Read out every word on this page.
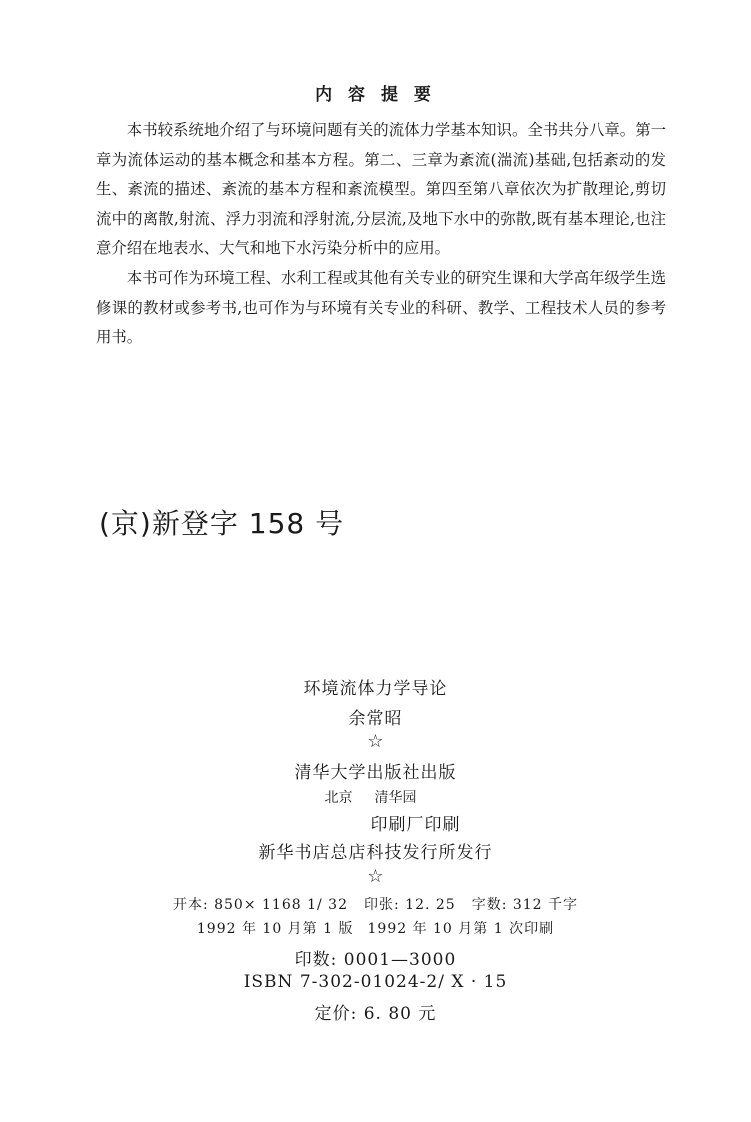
内 容 提 要

本书较系统地介绍了与环境问题有关的流体力学基本知识。全书共分八章。第一章为流体运动的基本概念和基本方程。第二、三章为紊流(湍流)基础,包括紊动的发生、紊流的描述、紊流的基本方程和紊流模型。第四至第八章依次为扩散理论,剪切流中的离散,射流、浮力羽流和浮射流,分层流,及地下水中的弥散,既有基本理论,也注意介绍在地表水、大气和地下水污染分析中的应用。

本书可作为环境工程、水利工程或其他有关专业的研究生课和大学高年级学生选修课的教材或参考书,也可作为与环境有关专业的科研、教学、工程技术人员的参考用书。

(京)新登字 158 号
环境流体力学导论
余常昭
☆
清华大学出版社出版
北京 清华园
印刷厂印刷
新华书店总店科技发行所发行
☆
开本: 850× 1168 1/ 32 印张: 12. 25 字数: 312 千字
1992 年 10 月第 1 版 1992 年 10 月第 1 次印刷
印数: 0001—3000
ISBN 7-302-01024-2/ X · 15
定价: 6. 80 元
